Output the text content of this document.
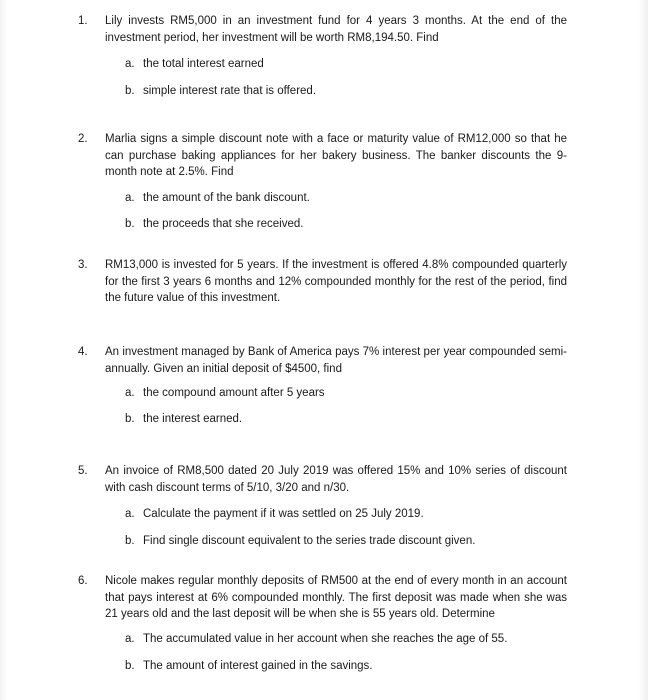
1. Lily invests RM5,000 in an investment fund for 4 years 3 months. At the end of the investment period, her investment will be worth RM8,194.50. Find
a. the total interest earned
b. simple interest rate that is offered.
2. Marlia signs a simple discount note with a face or maturity value of RM12,000 so that he can purchase baking appliances for her bakery business. The banker discounts the 9-month note at 2.5%. Find
a. the amount of the bank discount.
b. the proceeds that she received.
3. RM13,000 is invested for 5 years. If the investment is offered 4.8% compounded quarterly for the first 3 years 6 months and 12% compounded monthly for the rest of the period, find the future value of this investment.
4. An investment managed by Bank of America pays 7% interest per year compounded semi-annually. Given an initial deposit of $4500, find
a. the compound amount after 5 years
b. the interest earned.
5. An invoice of RM8,500 dated 20 July 2019 was offered 15% and 10% series of discount with cash discount terms of 5/10, 3/20 and n/30.
a. Calculate the payment if it was settled on 25 July 2019.
b. Find single discount equivalent to the series trade discount given.
6. Nicole makes regular monthly deposits of RM500 at the end of every month in an account that pays interest at 6% compounded monthly. The first deposit was made when she was 21 years old and the last deposit will be when she is 55 years old. Determine
a. The accumulated value in her account when she reaches the age of 55.
b. The amount of interest gained in the savings.
